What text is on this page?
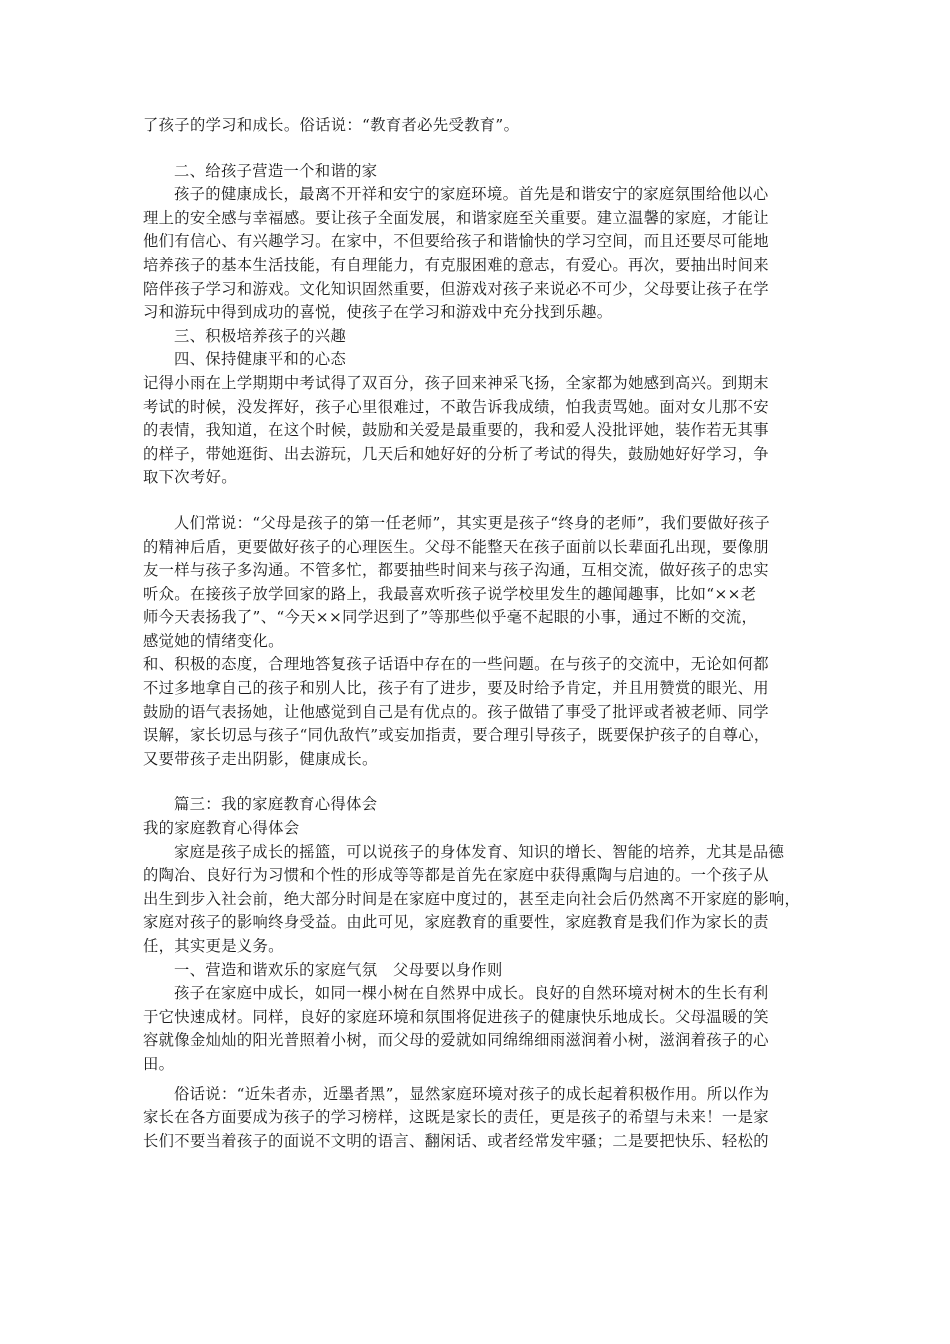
了孩子的学习和成长。俗话说：“教育者必先受教育”。
二、给孩子营造一个和谐的家
孩子的健康成长，最离不开祥和安宁的家庭环境。首先是和谐安宁的家庭氛围给他以心
理上的安全感与幸福感。要让孩子全面发展，和谐家庭至关重要。建立温馨的家庭，才能让
他们有信心、有兴趣学习。在家中，不但要给孩子和谐愉快的学习空间，而且还要尽可能地
培养孩子的基本生活技能，有自理能力，有克服困难的意志，有爱心。再次，要抽出时间来
陪伴孩子学习和游戏。文化知识固然重要，但游戏对孩子来说必不可少，父母要让孩子在学
习和游玩中得到成功的喜悦，使孩子在学习和游戏中充分找到乐趣。
三、积极培养孩子的兴趣
四、保持健康平和的心态
记得小雨在上学期期中考试得了双百分，孩子回来神采飞扬，全家都为她感到高兴。到期末
考试的时候，没发挥好，孩子心里很难过，不敢告诉我成绩，怕我责骂她。面对女儿那不安
的表情，我知道，在这个时候，鼓励和关爱是最重要的，我和爱人没批评她，装作若无其事
的样子，带她逛街、出去游玩，几天后和她好好的分析了考试的得失，鼓励她好好学习，争
取下次考好。
人们常说：“父母是孩子的第一任老师”，其实更是孩子“终身的老师”，我们要做好孩子
的精神后盾，更要做好孩子的心理医生。父母不能整天在孩子面前以长辈面孔出现，要像朋
友一样与孩子多沟通。不管多忙，都要抽些时间来与孩子沟通，互相交流，做好孩子的忠实
听众。在接孩子放学回家的路上，我最喜欢听孩子说学校里发生的趣闻趣事，比如“××老
师今天表扬我了”、“今天××同学迟到了”等那些似乎毫不起眼的小事，通过不断的交流，
感觉她的情绪变化。
和、积极的态度，合理地答复孩子话语中存在的一些问题。在与孩子的交流中，无论如何都
不过多地拿自己的孩子和别人比，孩子有了进步，要及时给予肯定，并且用赞赏的眼光、用
鼓励的语气表扬她，让他感觉到自己是有优点的。孩子做错了事受了批评或者被老师、同学
误解，家长切忌与孩子“同仇敌忾”或妄加指责，要合理引导孩子，既要保护孩子的自尊心，
又要带孩子走出阴影，健康成长。
篇三：我的家庭教育心得体会
我的家庭教育心得体会
家庭是孩子成长的摇篮，可以说孩子的身体发育、知识的增长、智能的培养，尤其是品德
的陶冶、良好行为习惯和个性的形成等等都是首先在家庭中获得熏陶与启迪的。一个孩子从
出生到步入社会前，绝大部分时间是在家庭中度过的，甚至走向社会后仍然离不开家庭的影响，
家庭对孩子的影响终身受益。由此可见，家庭教育的重要性，家庭教育是我们作为家长的责
任，其实更是义务。
一、营造和谐欢乐的家庭气氛　父母要以身作则
孩子在家庭中成长，如同一棵小树在自然界中成长。良好的自然环境对树木的生长有利
于它快速成材。同样，良好的家庭环境和氛围将促进孩子的健康快乐地成长。父母温暖的笑
容就像金灿灿的阳光普照着小树，而父母的爱就如同绵绵细雨滋润着小树，滋润着孩子的心
田。
俗话说：“近朱者赤，近墨者黑”，显然家庭环境对孩子的成长起着积极作用。所以作为
家长在各方面要成为孩子的学习榜样，这既是家长的责任，更是孩子的希望与未来！一是家
长们不要当着孩子的面说不文明的语言、翻闲话、或者经常发牢骚；二是要把快乐、轻松的
